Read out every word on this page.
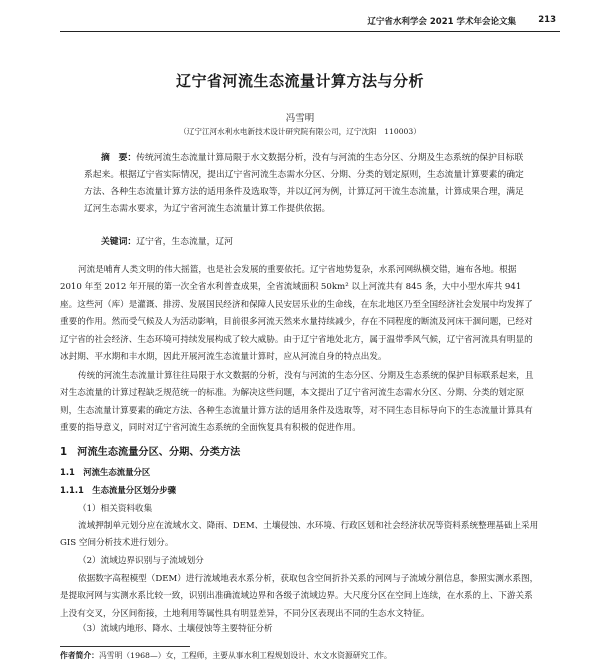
辽宁省水利学会 2021 学术年会论文集	213
辽宁省河流生态流量计算方法与分析
冯雪明
（辽宁江河水利水电新技术设计研究院有限公司，辽宁沈阳　110003）

摘　要：传统河流生态流量计算局限于水文数据分析，没有与河流的生态分区、分期及生态系统的保护目标联系起来。根据辽宁省实际情况，提出辽宁省河流生态需水分区、分期、分类的划定原则，生态流量计算要素的确定方法、各种生态流量计算方法的适用条件及选取等，并以辽河为例，计算辽河干流生态流量，计算成果合理，满足辽河生态需水要求，为辽宁省河流生态流量计算工作提供依据。

关键词：辽宁省，生态流量，辽河

河流是哺育人类文明的伟大摇篮，也是社会发展的重要依托。辽宁省地势复杂，水系河网纵横交错，遍布各地。根据 2010 年至 2012 年开展的第一次全省水利普查成果，全省流域面积 50km² 以上河流共有 845 条，大中小型水库共 941 座。这些河（库）是灌溉、排涝、发展国民经济和保障人民安居乐业的生命线，在东北地区乃至全国经济社会发展中均发挥了重要的作用。然而受气候及人为活动影响，目前很多河流天然来水量持续减少，存在不同程度的断流及河床干涸问题，已经对辽宁省的社会经济、生态环境可持续发展构成了较大威胁。由于辽宁省地处北方，属于温带季风气候，辽宁省河流具有明显的冰封期、平水期和丰水期，因此开展河流生态流量计算时，应从河流自身的特点出发。

传统的河流生态流量计算往往局限于水文数据的分析，没有与河流的生态分区、分期及生态系统的保护目标联系起来，且对生态流量的计算过程缺乏规范统一的标准。为解决这些问题，本文提出了辽宁省河流生态需水分区、分期、分类的划定原则，生态流量计算要素的确定方法、各种生态流量计算方法的适用条件及选取等，对不同生态目标导向下的生态流量计算具有重要的指导意义，同时对辽宁省河流生态系统的全面恢复具有积极的促进作用。

1　河流生态流量分区、分期、分类方法
1.1　河流生态流量分区
1.1.1　生态流量分区划分步骤
（1）相关资料收集

流域押制单元划分应在流域水文、降雨、DEM、土壤侵蚀、水环境、行政区划和社会经济状况等资料系统整理基础上采用 GIS 空间分析技术进行划分。

（2）流域边界识别与子流域划分

依据数字高程模型（DEM）进行流域地表水系分析，获取包含空间折扑关系的河网与子流域分割信息，参照实测水系图，是提取河网与实测水系比较一致，识别出准确流域边界和各级子流域边界。大尺度分区在空间上连续，在水系的上、下游关系上没有交叉，分区间衔接，土地利用等属性具有明显差异，不同分区表现出不同的生态水文特征。

（3）流域内地形、降水、土壤侵蚀等主要特征分析
作者简介：冯雪明（1968—）女，工程师，主要从事水利工程规划设计、水文水资源研究工作。
